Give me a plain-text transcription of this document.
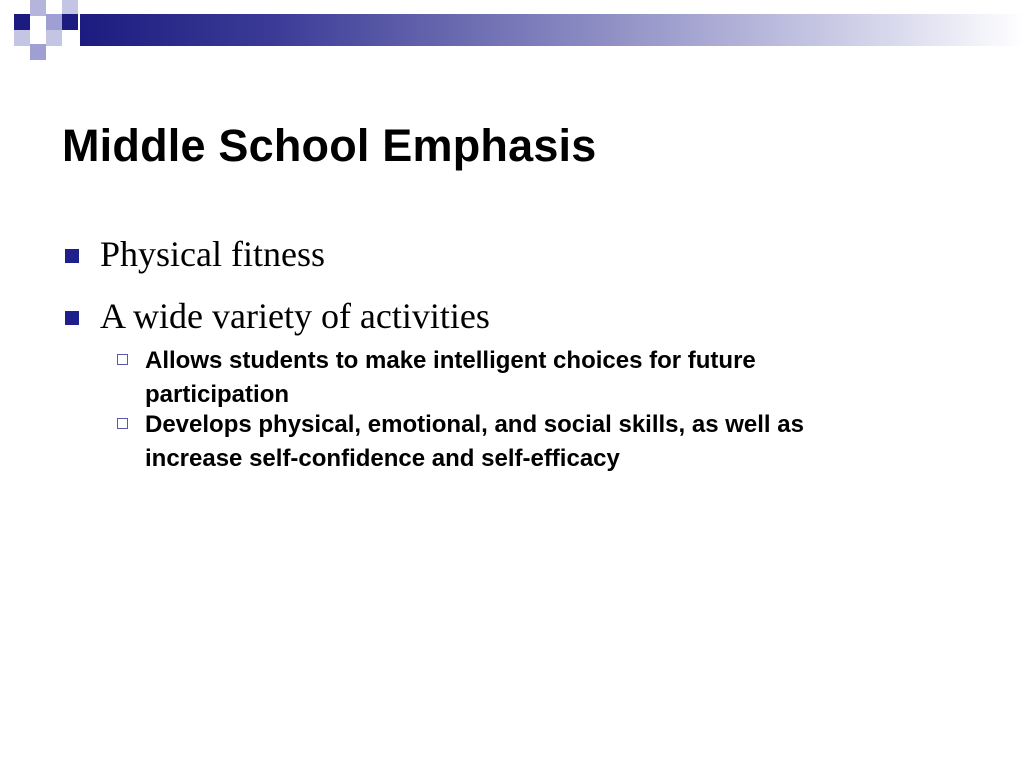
Middle School Emphasis
Physical fitness
A wide variety of activities
Allows students to make intelligent choices for future participation
Develops physical, emotional, and social skills, as well as increase self-confidence and self-efficacy
